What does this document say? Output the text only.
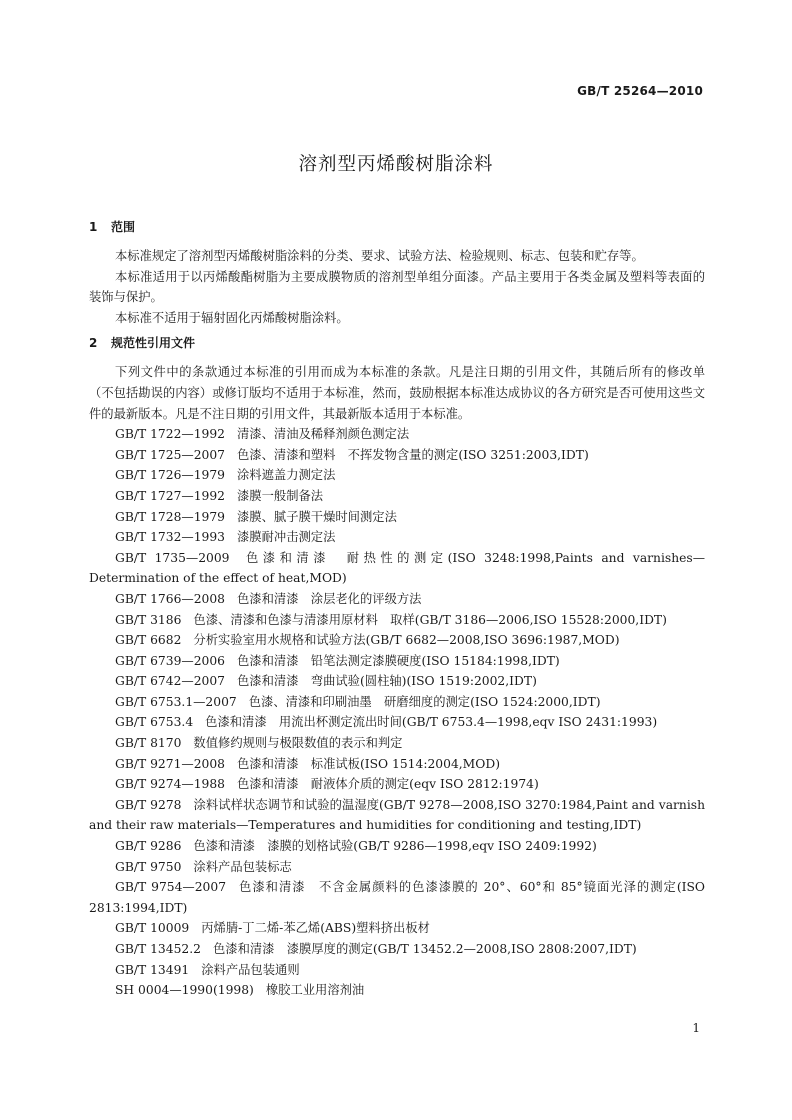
GB/T 25264—2010
溶剂型丙烯酸树脂涂料
1 范围

本标准规定了溶剂型丙烯酸树脂涂料的分类、要求、试验方法、检验规则、标志、包装和贮存等。

本标准适用于以丙烯酸酯树脂为主要成膜物质的溶剂型单组分面漆。产品主要用于各类金属及塑料等表面的装饰与保护。

本标准不适用于辐射固化丙烯酸树脂涂料。

2 规范性引用文件

下列文件中的条款通过本标准的引用而成为本标准的条款。凡是注日期的引用文件，其随后所有的修改单（不包括勘误的内容）或修订版均不适用于本标准，然而，鼓励根据本标准达成协议的各方研究是否可使用这些文件的最新版本。凡是不注日期的引用文件，其最新版本适用于本标准。

GB/T 1722—1992 清漆、清油及稀释剂颜色测定法

GB/T 1725—2007 色漆、清漆和塑料　不挥发物含量的测定(ISO 3251:2003,IDT)

GB/T 1726—1979 涂料遮盖力测定法

GB/T 1727—1992 漆膜一般制备法

GB/T 1728—1979 漆膜、腻子膜干燥时间测定法

GB/T 1732—1993 漆膜耐冲击测定法

GB/T 1735—2009 色漆和清漆　耐热性的测定(ISO 3248:1998,Paints and varnishes—Determination of the effect of heat,MOD)

GB/T 1766—2008 色漆和清漆　涂层老化的评级方法

GB/T 3186 色漆、清漆和色漆与清漆用原材料　取样(GB/T 3186—2006,ISO 15528:2000,IDT)

GB/T 6682 分析实验室用水规格和试验方法(GB/T 6682—2008,ISO 3696:1987,MOD)

GB/T 6739—2006 色漆和清漆　铅笔法测定漆膜硬度(ISO 15184:1998,IDT)

GB/T 6742—2007 色漆和清漆　弯曲试验(圆柱轴)(ISO 1519:2002,IDT)

GB/T 6753.1—2007 色漆、清漆和印刷油墨　研磨细度的测定(ISO 1524:2000,IDT)

GB/T 6753.4 色漆和清漆　用流出杯测定流出时间(GB/T 6753.4—1998,eqv ISO 2431:1993)

GB/T 8170 数值修约规则与极限数值的表示和判定

GB/T 9271—2008 色漆和清漆　标准试板(ISO 1514:2004,MOD)

GB/T 9274—1988 色漆和清漆　耐液体介质的测定(eqv ISO 2812:1974)

GB/T 9278 涂料试样状态调节和试验的温湿度(GB/T 9278—2008,ISO 3270:1984,Paint and varnish and their raw materials—Temperatures and humidities for conditioning and testing,IDT)

GB/T 9286 色漆和清漆　漆膜的划格试验(GB/T 9286—1998,eqv ISO 2409:1992)

GB/T 9750 涂料产品包装标志

GB/T 9754—2007 色漆和清漆　不含金属颜料的色漆漆膜的 20°、60°和 85°镜面光泽的测定(ISO 2813:1994,IDT)

GB/T 10009 丙烯腈-丁二烯-苯乙烯(ABS)塑料挤出板材

GB/T 13452.2 色漆和清漆　漆膜厚度的测定(GB/T 13452.2—2008,ISO 2808:2007,IDT)

GB/T 13491 涂料产品包装通则

SH 0004—1990(1998) 橡胶工业用溶剂油

1
